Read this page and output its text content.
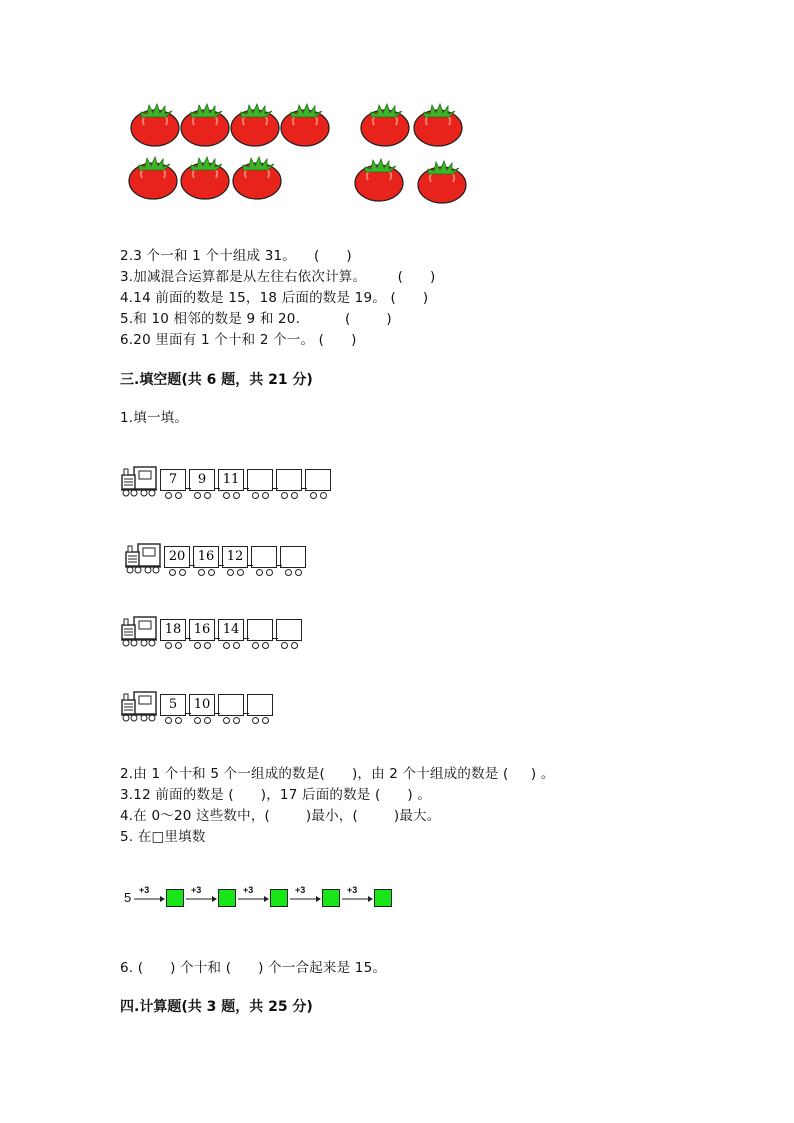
2.3 个一和 1 个十组成 31。    (      )
3.加减混合运算都是从左往右依次计算。       (      )
4.14 前面的数是 15，18 后面的数是 19。 (      )
5.和 10 相邻的数是 9 和 20.          (        )
6.20 里面有 1 个十和 2 个一。 (      )
三.填空题(共 6 题，共 21 分)
1.填一填。
7	9	11
20 16 12
18 16 14
5	10
2.由 1 个十和 5 个一组成的数是(      )，由 2 个十组成的数是 (     ) 。
3.12 前面的数是 (      )，17 后面的数是 (      ) 。
4.在 0～20 这些数中，(        )最小，(        )最大。
5. 在□里填数
5 +3	+3	+3	+3	+3
6. (      ) 个十和 (      ) 个一合起来是 15。
四.计算题(共 3 题，共 25 分)
